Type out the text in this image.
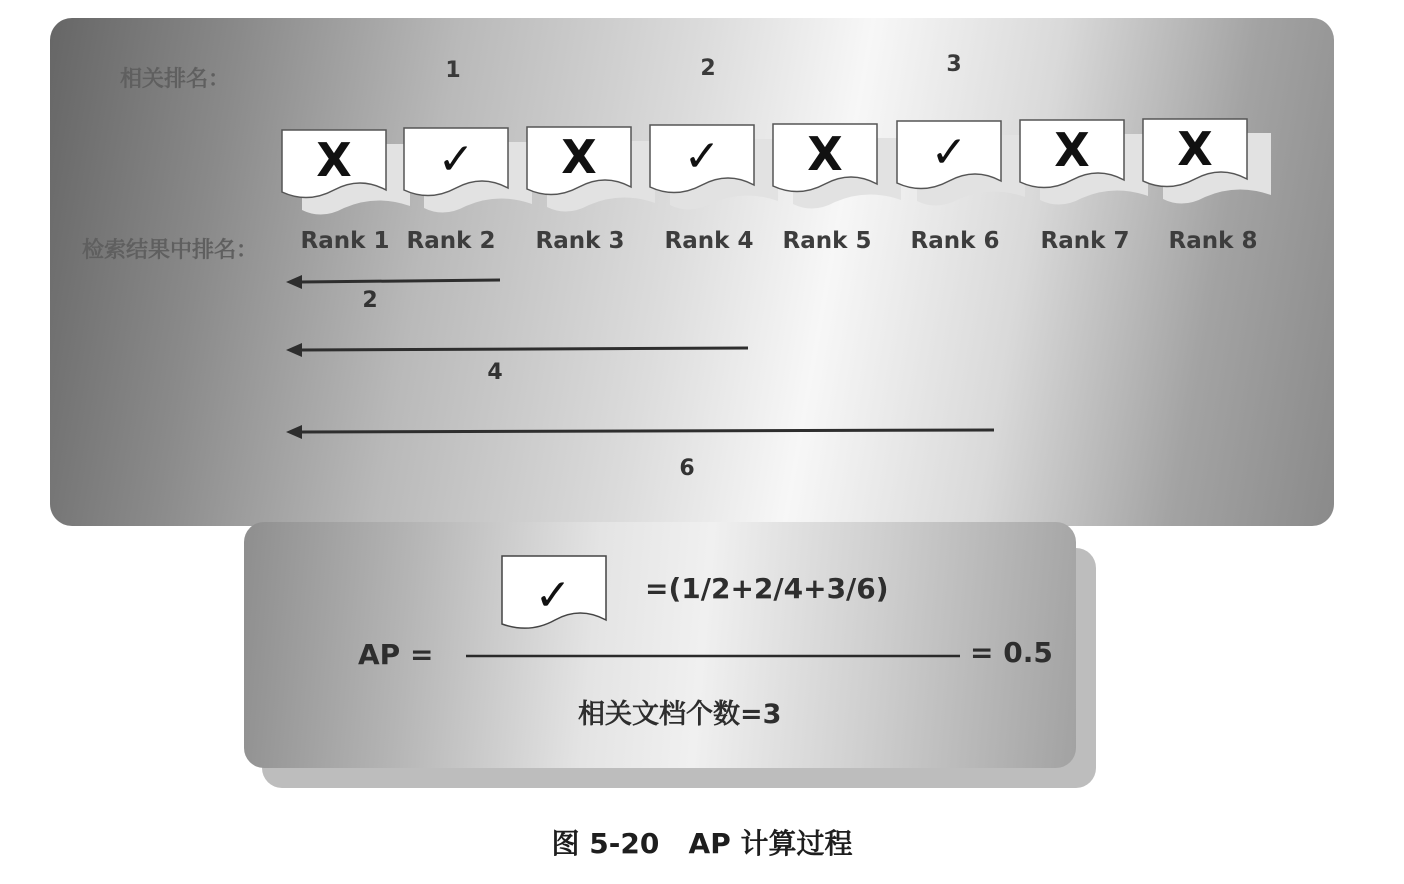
相关排名：	1	2	3
X ✓ X ✓ X ✓ X X
检索结果中排名：	Rank 1 Rank 2	Rank 3	Rank 4	Rank 5	Rank 6	Rank 7	Rank 8
2
4
6
✓
AP =
=(1/2+2/4+3/6)
= 0.5
相关文档个数=3
图 5-20   AP 计算过程
